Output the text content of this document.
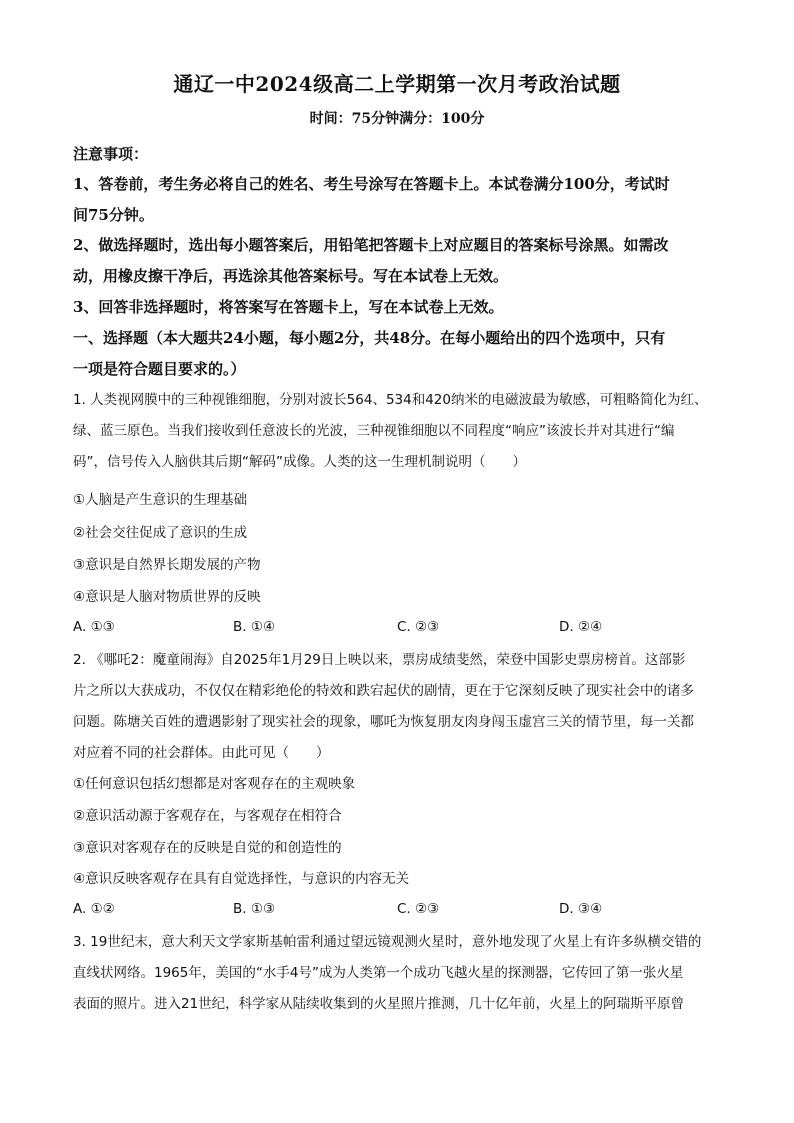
通辽一中2024级高二上学期第一次月考政治试题
时间：75分钟满分：100分
注意事项：
1、答卷前，考生务必将自己的姓名、考生号涂写在答题卡上。本试卷满分100分，考试时
间75分钟。
2、做选择题时，选出每小题答案后，用铅笔把答题卡上对应题目的答案标号涂黑。如需改
动，用橡皮擦干净后，再选涂其他答案标号。写在本试卷上无效。
3、回答非选择题时，将答案写在答题卡上，写在本试卷上无效。
一、选择题（本大题共24小题，每小题2分，共48分。在每小题给出的四个选项中，只有
一项是符合题目要求的。）
1. 人类视网膜中的三种视锥细胞，分别对波长564、534和420纳米的电磁波最为敏感，可粗略简化为红、
绿、蓝三原色。当我们接收到任意波长的光波，三种视锥细胞以不同程度“响应”该波长并对其进行“编
码”，信号传入人脑供其后期“解码”成像。人类的这一生理机制说明（　　）
①人脑是产生意识的生理基础
②社会交往促成了意识的生成
③意识是自然界长期发展的产物
④意识是人脑对物质世界的反映
A. ①③	B. ①④	C. ②③	D. ②④
2. 《哪吒2：魔童闹海》自2025年1月29日上映以来，票房成绩斐然，荣登中国影史票房榜首。这部影
片之所以大获成功，不仅仅在精彩绝伦的特效和跌宕起伏的剧情，更在于它深刻反映了现实社会中的诸多
问题。陈塘关百姓的遭遇影射了现实社会的现象，哪吒为恢复朋友肉身闯玉虚宫三关的情节里，每一关都
对应着不同的社会群体。由此可见（　　）
①任何意识包括幻想都是对客观存在的主观映象
②意识活动源于客观存在，与客观存在相符合
③意识对客观存在的反映是自觉的和创造性的
④意识反映客观存在具有自觉选择性，与意识的内容无关
A. ①②	B. ①③	C. ②③	D. ③④
3. 19世纪末，意大利天文学家斯基帕雷利通过望远镜观测火星时，意外地发现了火星上有许多纵横交错的
直线状网络。1965年，美国的“水手4号”成为人类第一个成功飞越火星的探测器，它传回了第一张火星
表面的照片。进入21世纪，科学家从陆续收集到的火星照片推测，几十亿年前，火星上的阿瑞斯平原曾
